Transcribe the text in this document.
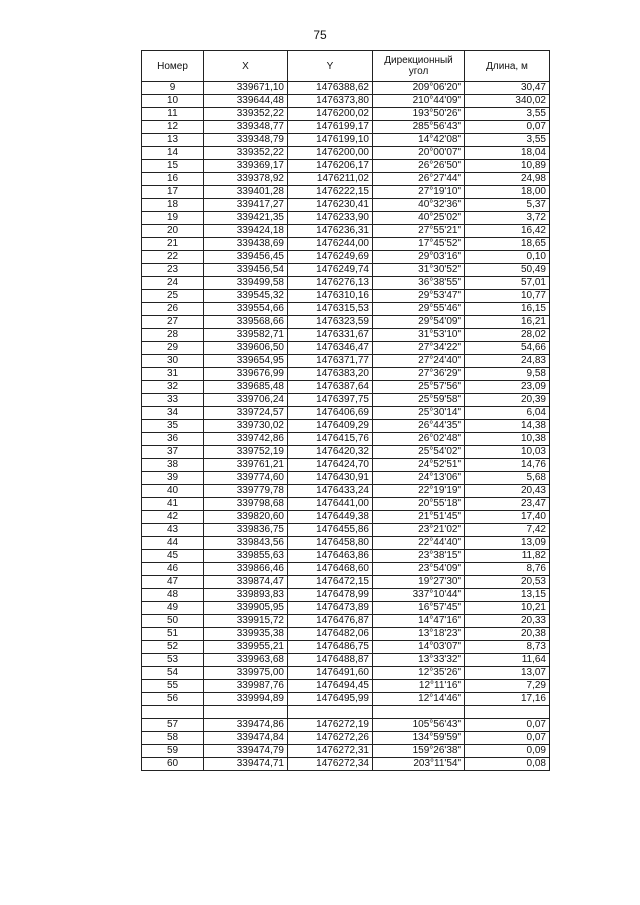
75
Номер	X	Y	Дирекционный угол	Длина, м
9	339671,10	1476388,62	209°06'20"	30,47
10	339644,48	1476373,80	210°44'09"	340,02
11	339352,22	1476200,02	193°50'26"	3,55
12	339348,77	1476199,17	285°56'43"	0,07
13	339348,79	1476199,10	14°42'08"	3,55
14	339352,22	1476200,00	20°00'07"	18,04
15	339369,17	1476206,17	26°26'50"	10,89
16	339378,92	1476211,02	26°27'44"	24,98
17	339401,28	1476222,15	27°19'10"	18,00
18	339417,27	1476230,41	40°32'36"	5,37
19	339421,35	1476233,90	40°25'02"	3,72
20	339424,18	1476236,31	27°55'21"	16,42
21	339438,69	1476244,00	17°45'52"	18,65
22	339456,45	1476249,69	29°03'16"	0,10
23	339456,54	1476249,74	31°30'52"	50,49
24	339499,58	1476276,13	36°38'55"	57,01
25	339545,32	1476310,16	29°53'47"	10,77
26	339554,66	1476315,53	29°55'46"	16,15
27	339568,66	1476323,59	29°54'09"	16,21
28	339582,71	1476331,67	31°53'10"	28,02
29	339606,50	1476346,47	27°34'22"	54,66
30	339654,95	1476371,77	27°24'40"	24,83
31	339676,99	1476383,20	27°36'29"	9,58
32	339685,48	1476387,64	25°57'56"	23,09
33	339706,24	1476397,75	25°59'58"	20,39
34	339724,57	1476406,69	25°30'14"	6,04
35	339730,02	1476409,29	26°44'35"	14,38
36	339742,86	1476415,76	26°02'48"	10,38
37	339752,19	1476420,32	25°54'02"	10,03
38	339761,21	1476424,70	24°52'51"	14,76
39	339774,60	1476430,91	24°13'06"	5,68
40	339779,78	1476433,24	22°19'19"	20,43
41	339798,68	1476441,00	20°55'18"	23,47
42	339820,60	1476449,38	21°51'45"	17,40
43	339836,75	1476455,86	23°21'02"	7,42
44	339843,56	1476458,80	22°44'40"	13,09
45	339855,63	1476463,86	23°38'15"	11,82
46	339866,46	1476468,60	23°54'09"	8,76
47	339874,47	1476472,15	19°27'30"	20,53
48	339893,83	1476478,99	337°10'44"	13,15
49	339905,95	1476473,89	16°57'45"	10,21
50	339915,72	1476476,87	14°47'16"	20,33
51	339935,38	1476482,06	13°18'23"	20,38
52	339955,21	1476486,75	14°03'07"	8,73
53	339963,68	1476488,87	13°33'32"	11,64
54	339975,00	1476491,60	12°35'26"	13,07
55	339987,76	1476494,45	12°11'16"	7,29
56	339994,89	1476495,99	12°14'46"	17,16

57	339474,86	1476272,19	105°56'43"	0,07
58	339474,84	1476272,26	134°59'59"	0,07
59	339474,79	1476272,31	159°26'38"	0,09
60	339474,71	1476272,34	203°11'54"	0,08
